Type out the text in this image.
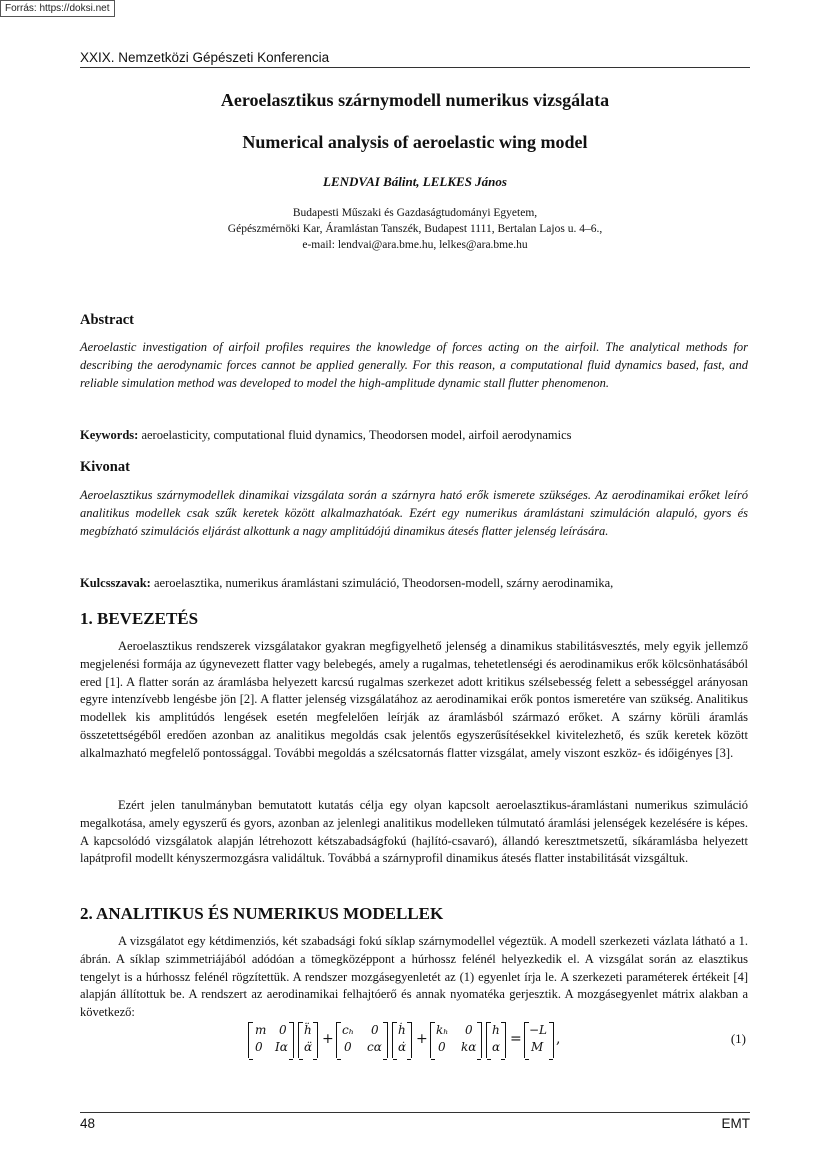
Forrás: https://doksi.net
XXIX. Nemzetközi Gépészeti Konferencia
Aeroelasztikus szárnymodell numerikus vizsgálata
Numerical analysis of aeroelastic wing model
LENDVAI Bálint, LELKES János
Budapesti Műszaki és Gazdaságtudományi Egyetem,
Gépészmérnöki Kar, Áramlástan Tanszék, Budapest 1111, Bertalan Lajos u. 4–6.,
e-mail: lendvai@ara.bme.hu, lelkes@ara.bme.hu
Abstract
Aeroelastic investigation of airfoil profiles requires the knowledge of forces acting on the airfoil. The analytical methods for describing the aerodynamic forces cannot be applied generally. For this reason, a computational fluid dynamics based, fast, and reliable simulation method was developed to model the high-amplitude dynamic stall flutter phenomenon.
Keywords: aeroelasticity, computational fluid dynamics, Theodorsen model, airfoil aerodynamics
Kivonat
Aeroelasztikus szárnymodellek dinamikai vizsgálata során a szárnyra ható erők ismerete szükséges. Az aerodinamikai erőket leíró analitikus modellek csak szűk keretek között alkalmazhatóak. Ezért egy numerikus áramlástani szimuláción alapuló, gyors és megbízható szimulációs eljárást alkottunk a nagy amplitúdójú dinamikus átesés flatter jelenség leírására.
Kulcsszavak: aeroelasztika, numerikus áramlástani szimuláció, Theodorsen-modell, szárny aerodinamika,
1. BEVEZETÉS
Aeroelasztikus rendszerek vizsgálatakor gyakran megfigyelhető jelenség a dinamikus stabilitásvesztés, mely egyik jellemző megjelenési formája az úgynevezett flatter vagy belebegés, amely a rugalmas, tehetetlenségi és aerodinamikus erők kölcsönhatásából ered [1]. A flatter során az áramlásba helyezett karcsú rugalmas szerkezet adott kritikus szélsebesség felett a sebességgel arányosan egyre intenzívebb lengésbe jön [2]. A flatter jelenség vizsgálatához az aerodinamikai erők pontos ismeretére van szükség. Analitikus modellek kis amplitúdós lengések esetén megfelelően leírják az áramlásból származó erőket. A szárny körüli áramlás összetettségéből eredően azonban az analitikus megoldás csak jelentős egyszerűsítésekkel kivitelezhető, és szűk keretek között alkalmazható megfelelő pontossággal. További megoldás a szélcsatornás flatter vizsgálat, amely viszont eszköz- és időigényes [3].
Ezért jelen tanulmányban bemutatott kutatás célja egy olyan kapcsolt aeroelasztikus-áramlástani numerikus szimuláció megalkotása, amely egyszerű és gyors, azonban az jelenlegi analitikus modelleken túlmutató áramlási jelenségek kezelésére is képes. A kapcsolódó vizsgálatok alapján létrehozott kétszabadságfokú (hajlító-csavaró), állandó keresztmetszetű, síkáramlásba helyezett lapátprofil modellt kényszermozgásra validáltuk. Továbbá a szárnyprofil dinamikus átesés flatter instabilitását vizsgáltuk.
2. ANALITIKUS ÉS NUMERIKUS MODELLEK
A vizsgálatot egy kétdimenziós, két szabadsági fokú síklap szárnymodellel végeztük. A modell szerkezeti vázlata látható a 1. ábrán. A síklap szimmetriájából adódóan a tömegközéppont a húrhossz felénél helyezkedik el. A vizsgálat során az elasztikus tengelyt is a húrhossz felénél rögzítettük. A rendszer mozgásegyenletét az (1) egyenlet írja le. A szerkezeti paraméterek értékeit [4] alapján állítottuk be. A rendszert az aerodinamikai felhajtóerő és annak nyomatéka gerjesztik. A mozgásegyenlet mátrix alakban a következő:
m 0
0 Iα
ḧ
α̈ +
cₕ 0
0 cα
ḣ
α̇ +
kₕ 0
0 kα
h
α =
−L
M ,	(1)
48	EMT
